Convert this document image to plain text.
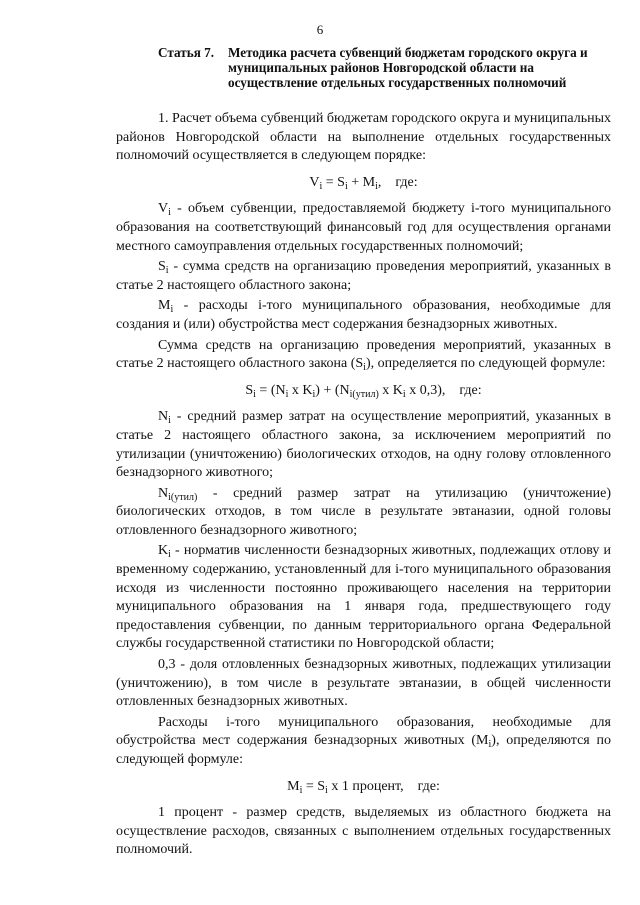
6
Статья 7. Методика расчета субвенций бюджетам городского округа и муниципальных районов Новгородской области на осуществление отдельных государственных полномочий

1. Расчет объема субвенций бюджетам городского округа и муниципальных районов Новгородской области на выполнение отдельных государственных полномочий осуществляется в следующем порядке:

$V_i = S_i + M_i$, где:

$V_i$ - объем субвенции, предоставляемой бюджету i-того муниципального образования на соответствующий финансовый год для осуществления органами местного самоуправления отдельных государственных полномочий;

$S_i$ - сумма средств на организацию проведения мероприятий, указанных в статье 2 настоящего областного закона;

$M_i$ - расходы i-того муниципального образования, необходимые для создания и (или) обустройства мест содержания безнадзорных животных.

Сумма средств на организацию проведения мероприятий, указанных в статье 2 настоящего областного закона $(S_i)$, определяется по следующей формуле:

$S_i = (N_i$ x $K_i) + (N_{i(утил)}$ x $K_i$ x 0,3), где:

$N_i$ - средний размер затрат на осуществление мероприятий, указанных в статье 2 настоящего областного закона, за исключением мероприятий по утилизации (уничтожению) биологических отходов, на одну голову отловленного безнадзорного животного;

$N_{i(утил)}$ - средний размер затрат на утилизацию (уничтожение) биологических отходов, в том числе в результате эвтаназии, одной головы отловленного безнадзорного животного;

$K_i$ - норматив численности безнадзорных животных, подлежащих отлову и временному содержанию, установленный для i-того муниципального образования исходя из численности постоянно проживающего населения на территории муниципального образования на 1 января года, предшествующего году предоставления субвенции, по данным территориального органа Федеральной службы государственной статистики по Новгородской области;

0,3 - доля отловленных безнадзорных животных, подлежащих утилизации (уничтожению), в том числе в результате эвтаназии, в общей численности отловленных безнадзорных животных.

Расходы i-того муниципального образования, необходимые для обустройства мест содержания безнадзорных животных $(M_i)$, определяются по следующей формуле:

$M_i = S_i$ x 1 процент, где:

1 процент - размер средств, выделяемых из областного бюджета на осуществление расходов, связанных с выполнением отдельных государственных полномочий.
